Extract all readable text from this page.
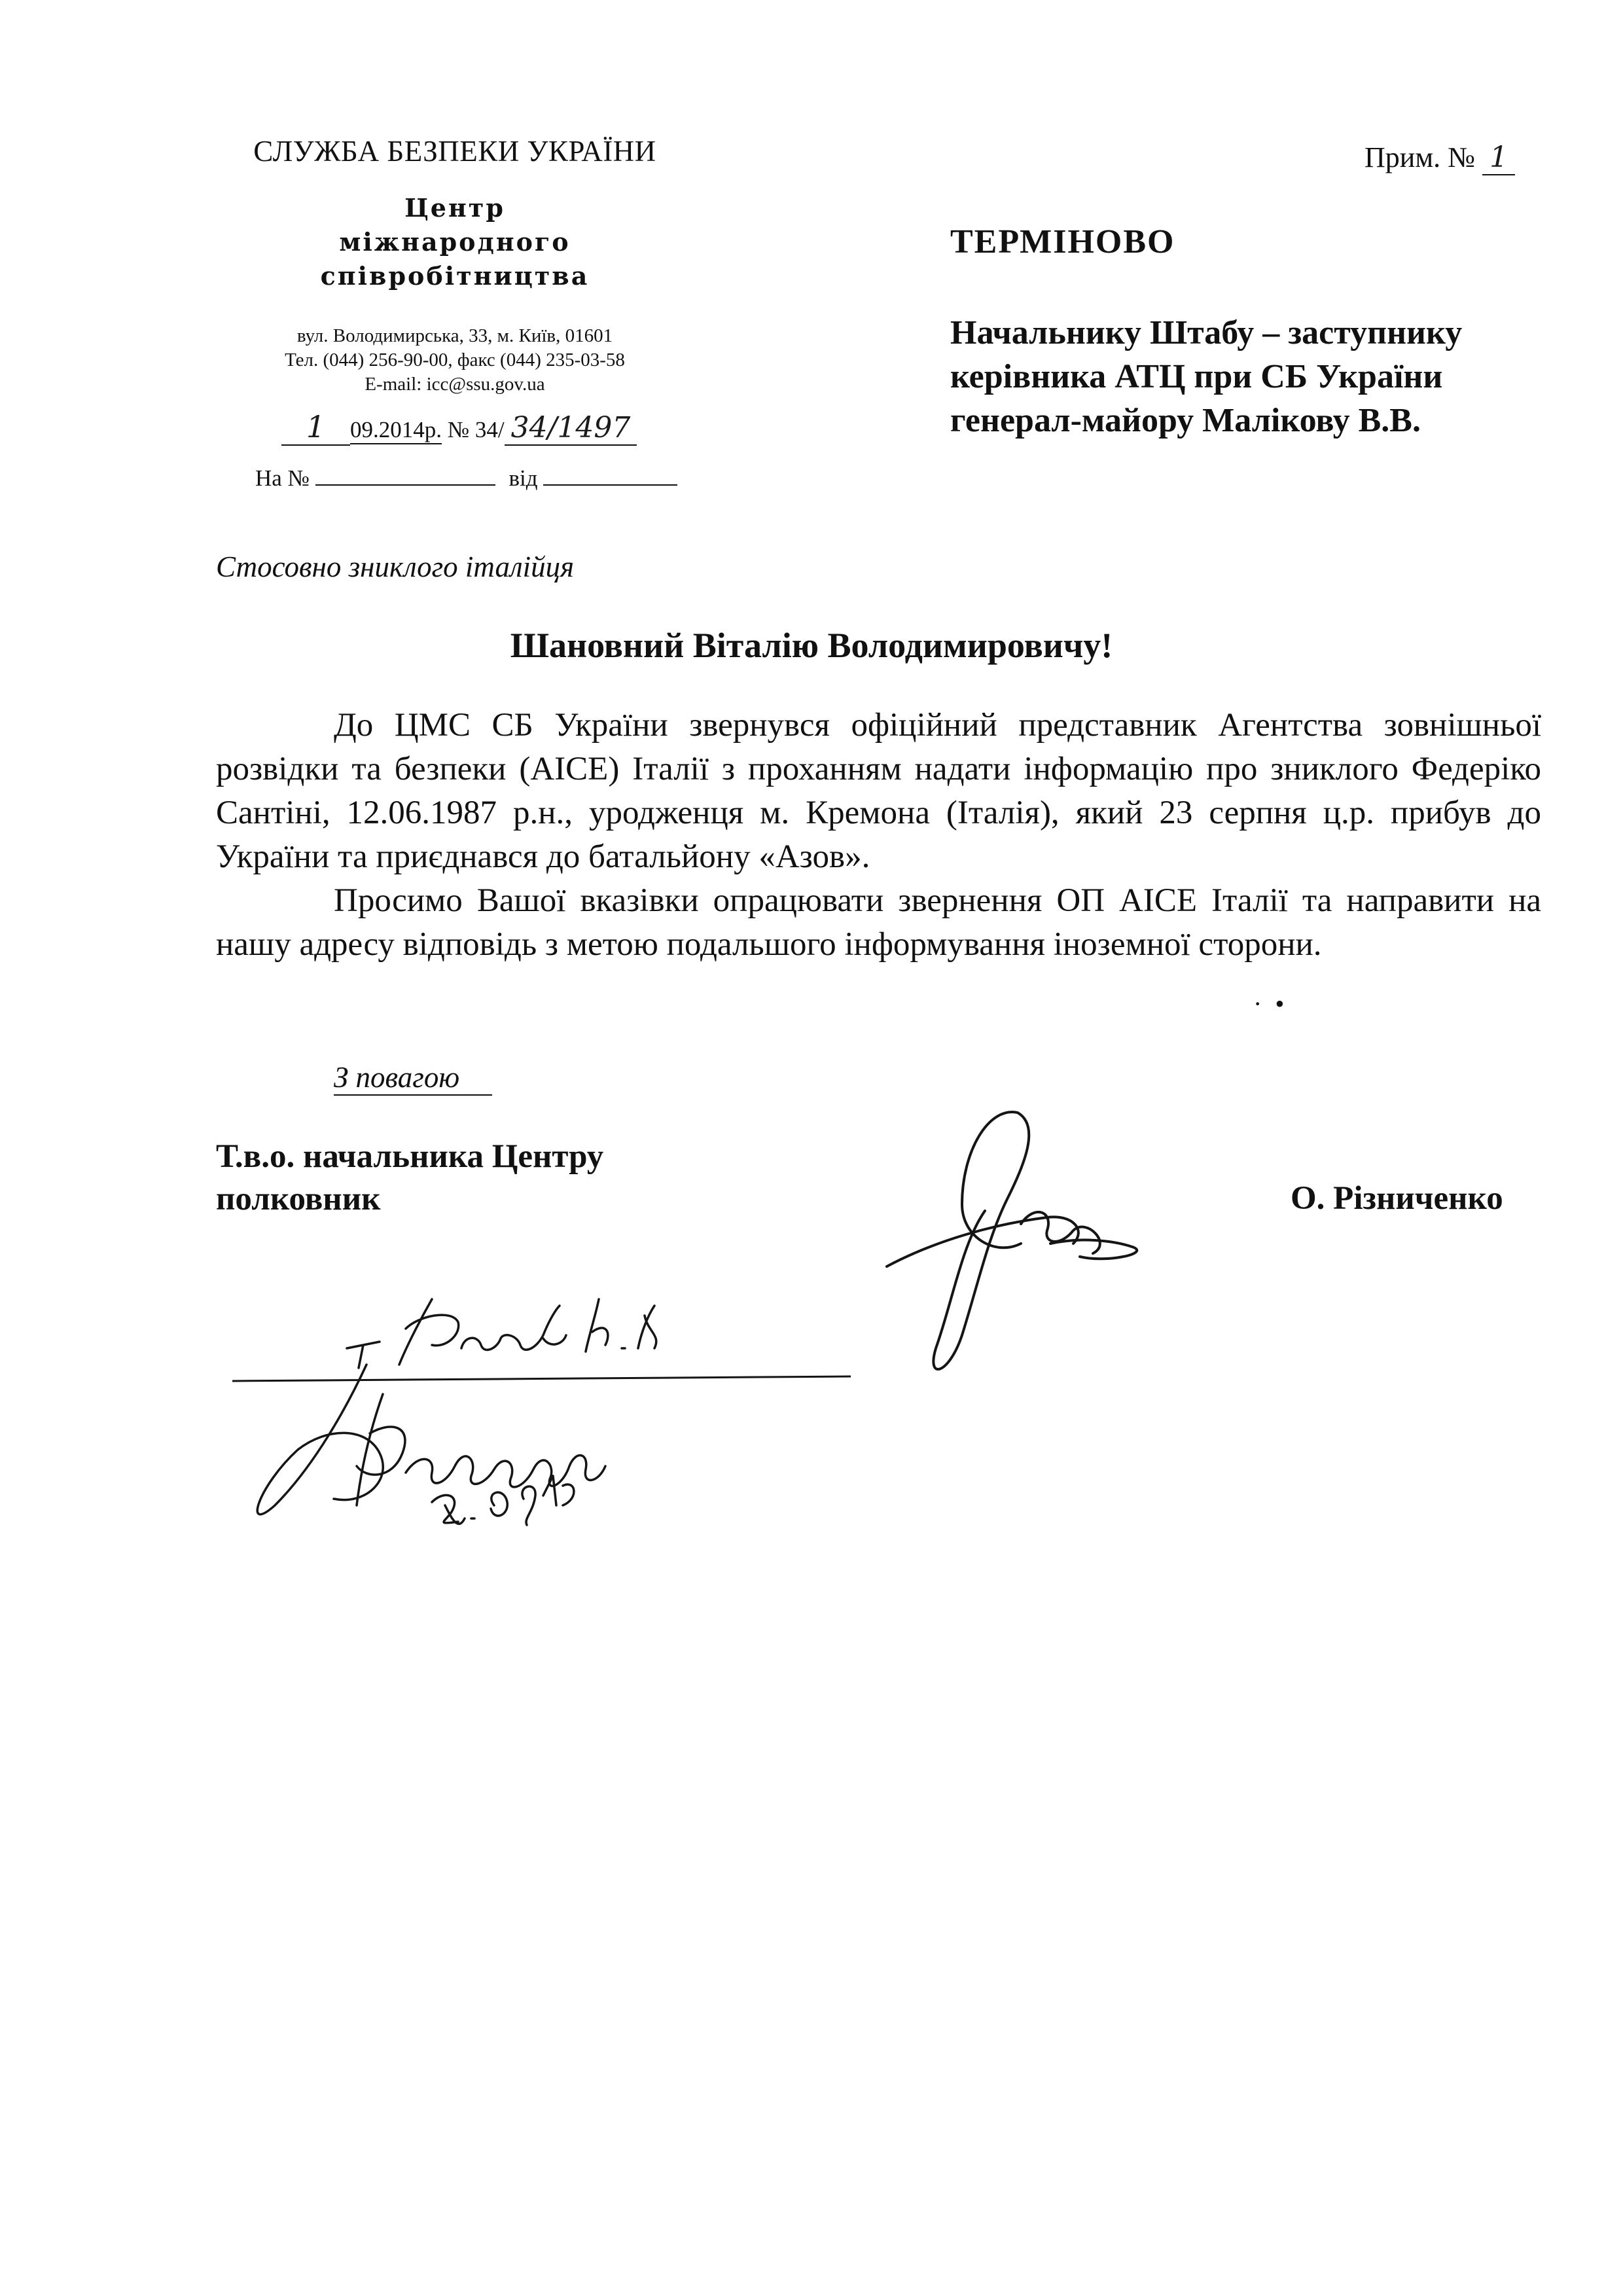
СЛУЖБА БЕЗПЕКИ УКРАЇНИ
Центр
міжнародного
співробітництва
вул. Володимирська, 33, м. Київ, 01601
Тел. (044) 256-90-00, факс (044) 235-03-58
E-mail: icc@ssu.gov.ua
1 09.2014р. № 34/ 34/1497
На №	від
Прим. № 1
ТЕРМІНОВО
Начальнику Штабу – заступнику
керівника АТЦ при СБ України
генерал-майору Малікову В.В.
Стосовно зниклого італійця
Шановний Віталію Володимировичу!

До ЦМС СБ України звернувся офіційний представник Агентства зовнішньої розвідки та безпеки (AICE) Італії з проханням надати інформацію про зниклого Федеріко Сантіні, 12.06.1987 р.н., уродженця м. Кремона (Італія), який 23 серпня ц.р. прибув до України та приєднався до батальйону «Азов».

Просимо Вашої вказівки опрацювати звернення ОП AICE Італії та направити на нашу адресу відповідь з метою подальшого інформування іноземної сторони.

·  •
З повагою
Т.в.о. начальника Центру
полковник	О. Різниченко
